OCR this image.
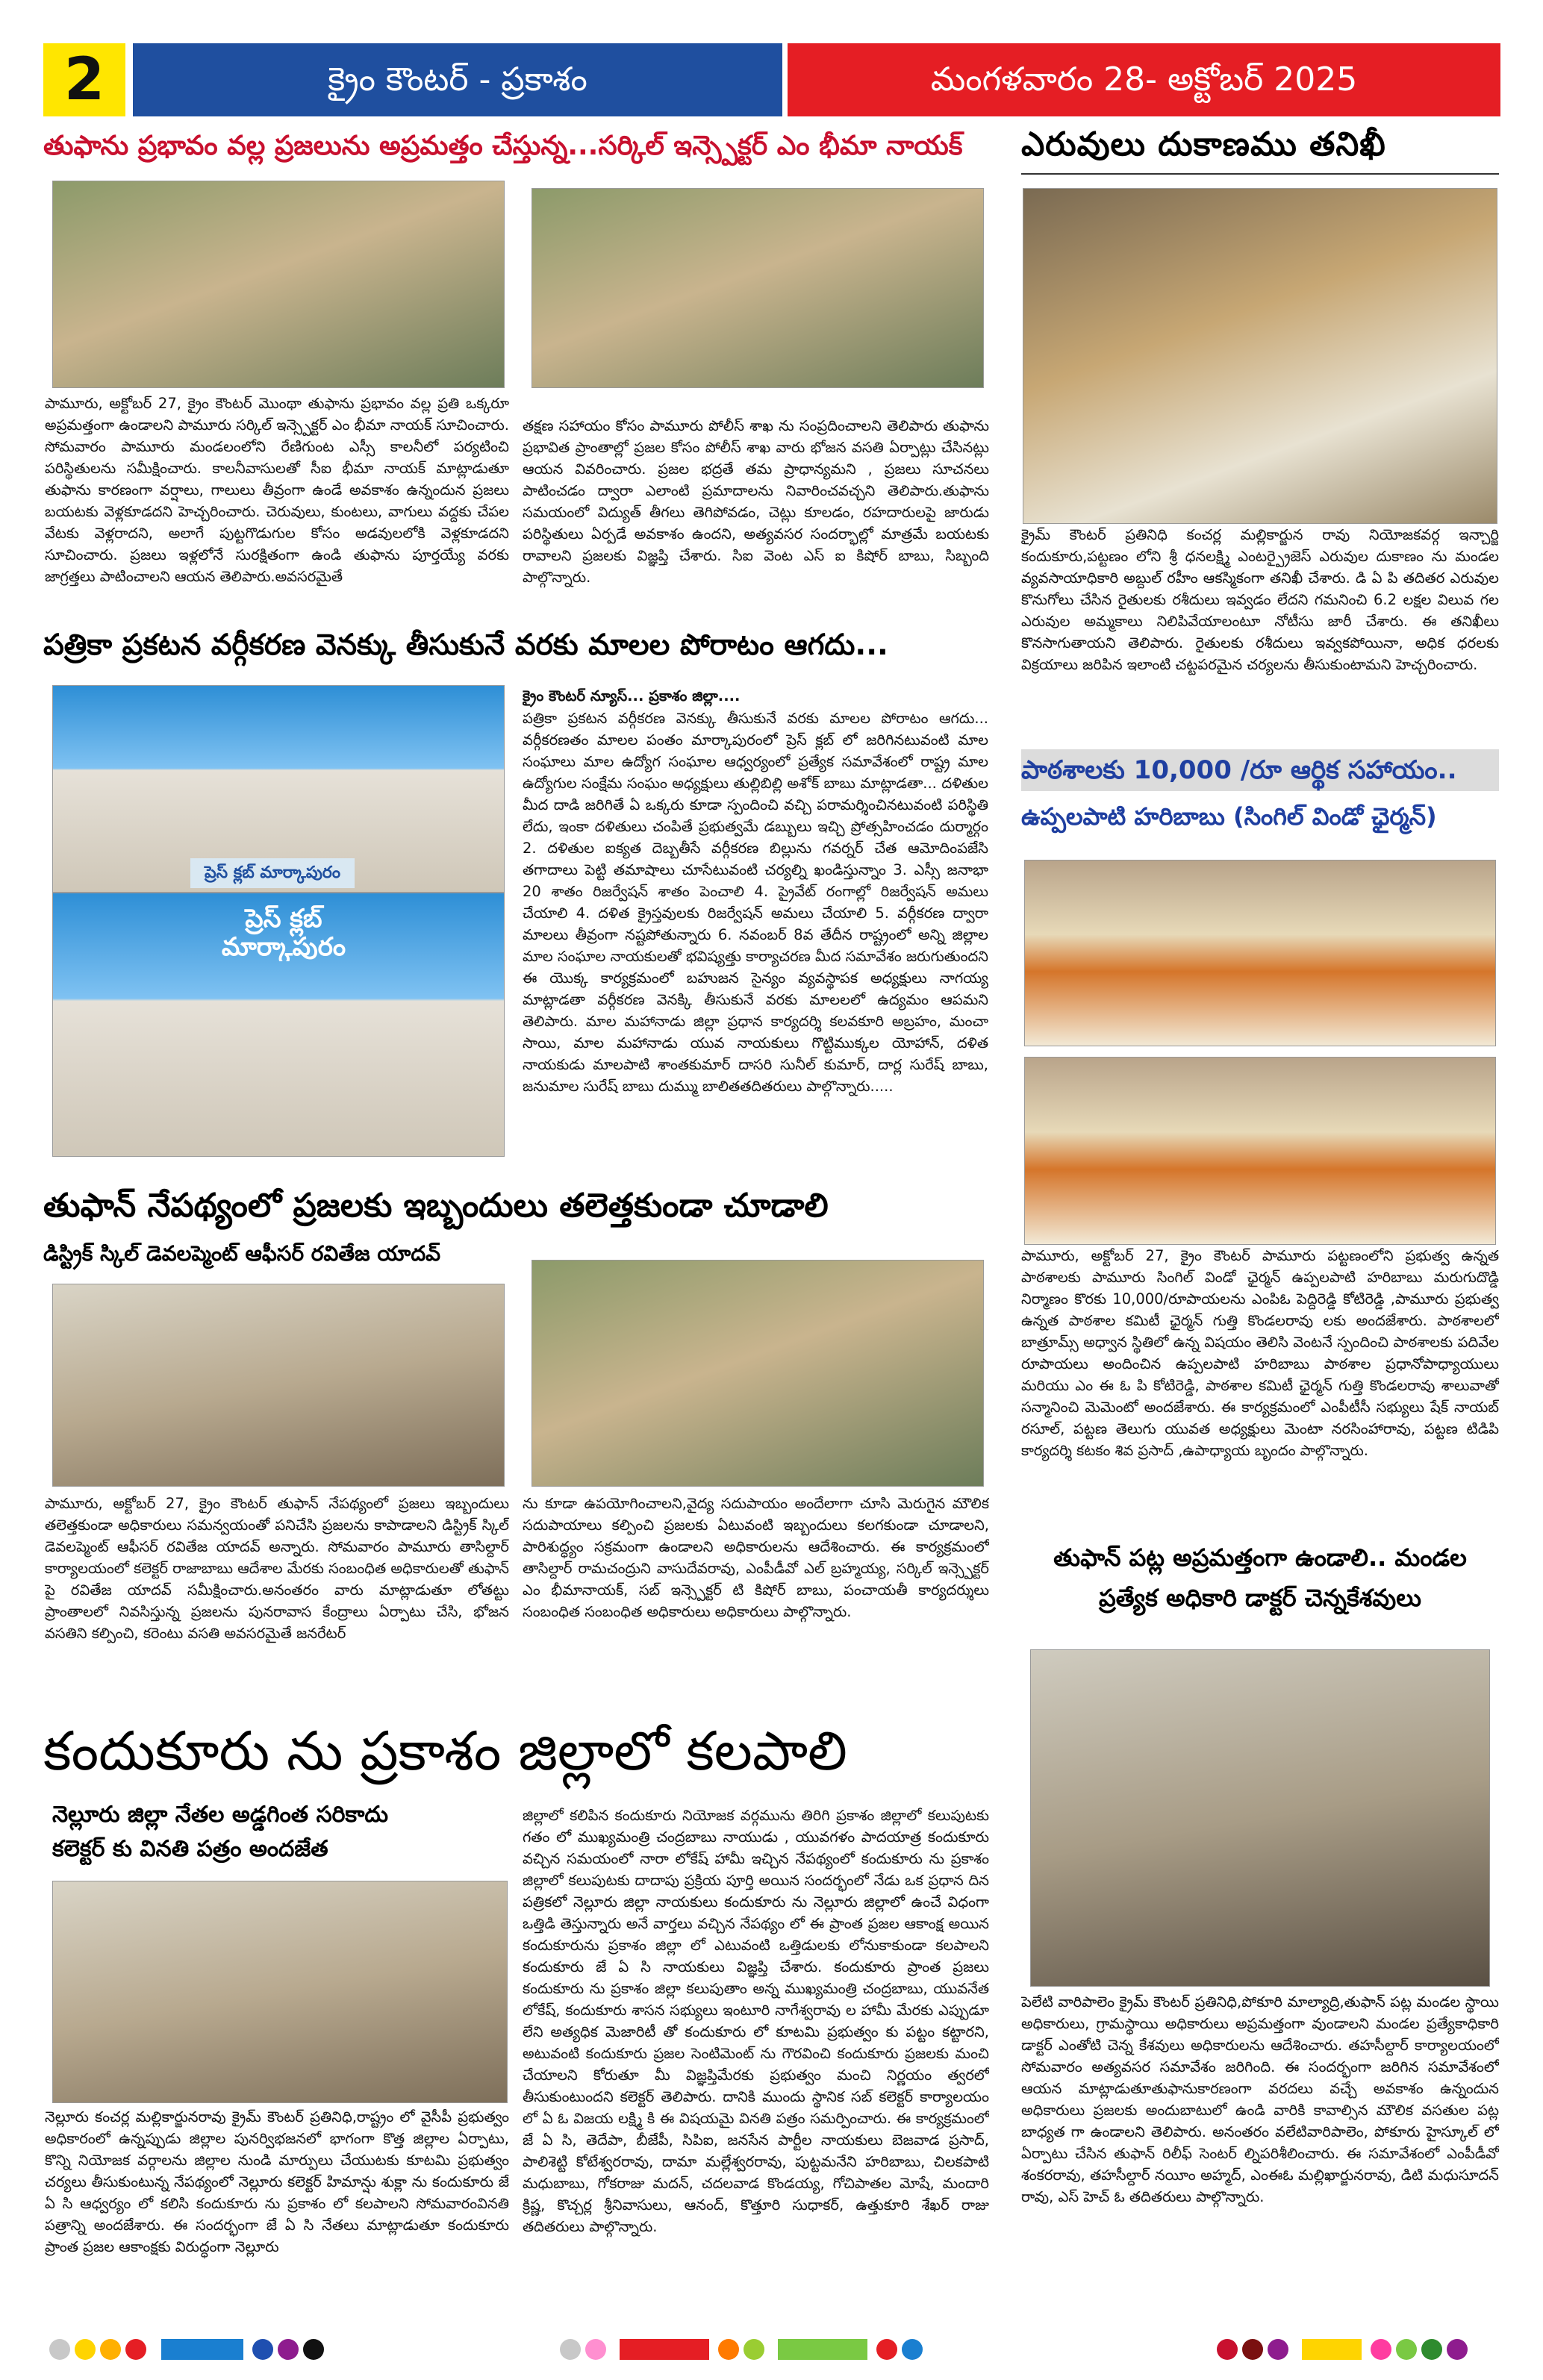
2	క్రైం కౌంటర్ - ప్రకాశం	మంగళవారం 28- అక్టోబర్ 2025
తుఫాను ప్రభావం వల్ల ప్రజలును అప్రమత్తం చేస్తున్న...సర్కిల్ ఇన్స్పెక్టర్ ఎం భీమా నాయక్
పామూరు, అక్టోబర్ 27, క్రైం కౌంటర్ మొంథా తుఫాను ప్రభావం వల్ల ప్రతి ఒక్కరూ అప్రమత్తంగా ఉండాలని పామూరు సర్కిల్ ఇన్స్పెక్టర్ ఎం భీమా నాయక్ సూచించారు. సోమవారం పామూరు మండలంలోని రేణిగుంట ఎస్సీ కాలనీలో పర్యటించి పరిస్థితులను సమీక్షించారు. కాలనీవాసులతో సీఐ భీమా నాయక్ మాట్లాడుతూ తుఫాను కారణంగా వర్షాలు, గాలులు తీవ్రంగా ఉండే అవకాశం ఉన్నందున ప్రజలు బయటకు వెళ్లకూడదని హెచ్చరించారు. చెరువులు, కుంటలు, వాగులు వద్దకు చేపల వేటకు వెళ్లరాదని, అలాగే పుట్టగొడుగుల కోసం అడవులలోకి వెళ్లకూడదని సూచించారు. ప్రజలు ఇళ్లలోనే సురక్షితంగా ఉండి తుఫాను పూర్తయ్యే వరకు జాగ్రత్తలు పాటించాలని ఆయన తెలిపారు.అవసరమైతే
తక్షణ సహాయం కోసం పామూరు పోలీస్ శాఖ ను సంప్రదించాలని తెలిపారు తుఫాను ప్రభావిత ప్రాంతాల్లో ప్రజల కోసం పోలీస్ శాఖ వారు భోజన వసతి ఏర్పాట్లు చేసినట్లు ఆయన వివరించారు. ప్రజల భద్రతే తమ ప్రాధాన్యమని , ప్రజలు సూచనలు పాటించడం ద్వారా ఎలాంటి ప్రమాదాలను నివారించవచ్చని తెలిపారు.తుఫాను సమయంలో విద్యుత్ తీగలు తెగిపోవడం, చెట్లు కూలడం, రహదారులపై జారుడు పరిస్థితులు ఏర్పడే అవకాశం ఉందని, అత్యవసర సందర్భాల్లో మాత్రమే బయటకు రావాలని ప్రజలకు విజ్ఞప్తి చేశారు. సిఐ వెంట ఎస్ ఐ కిషోర్ బాబు, సిబ్బంది పాల్గొన్నారు.
ఎరువులు దుకాణము తనిఖీ
క్రైమ్ కౌంటర్ ప్రతినిధి కంచర్ల మల్లికార్జున రావు నియోజకవర్గ ఇన్చార్జి కందుకూరు,పట్టణం లోని శ్రీ ధనలక్ష్మి ఎంటర్ప్రైజెస్ ఎరువుల దుకాణం ను మండల వ్యవసాయాధికారి అబ్దుల్ రహీం ఆకస్మికంగా తనిఖీ చేశారు. డి ఏ పి తదితర ఎరువుల కొనుగోలు చేసిన రైతులకు రశీదులు ఇవ్వడం లేదని గమనించి 6.2 లక్షల విలువ గల ఎరువుల అమ్మకాలు నిలిపివేయాలంటూ నోటీసు జారీ చేశారు. ఈ తనిఖీలు కొనసాగుతాయని తెలిపారు. రైతులకు రశీదులు ఇవ్వకపోయినా, అధిక ధరలకు విక్రయాలు జరిపిన ఇలాంటి చట్టపరమైన చర్యలను తీసుకుంటామని హెచ్చరించారు.
పత్రికా ప్రకటన వర్గీకరణ వెనక్కు తీసుకునే వరకు మాలల పోరాటం ఆగదు...
ప్రెస్ క్లబ్ మార్కాపురం
ప్రెస్ క్లబ్ మార్కాపురం
క్రైం కౌంటర్ న్యూస్... ప్రకాశం జిల్లా....
పత్రికా ప్రకటన వర్గీకరణ వెనక్కు తీసుకునే వరకు మాలల పోరాటం ఆగదు... వర్గీకరణతం మాలల పంతం మార్కాపురంలో ప్రెస్ క్లబ్ లో జరిగినటువంటి మాల సంఘాలు మాల ఉద్యోగ సంఘాల ఆధ్వర్యంలో ప్రత్యేక సమావేశంలో రాష్ట్ర మాల ఉద్యోగుల సంక్షేమ సంఘం అధ్యక్షులు తుల్లిబిల్లి అశోక్ బాబు మాట్లాడతా... దళితుల మీద దాడి జరిగితే ఏ ఒక్కరు కూడా స్పందించి వచ్చి పరామర్శించినటువంటి పరిస్థితి లేదు, ఇంకా దళితులు చంపితే ప్రభుత్వమే డబ్బులు ఇచ్చి ప్రోత్సహించడం దుర్మార్గం 2. దళితుల ఐక్యత దెబ్బతీసే వర్గీకరణ బిల్లును గవర్నర్ చేత ఆమోదింపజేసి తగాదాలు పెట్టి తమాషాలు చూసేటువంటి చర్యల్ని ఖండిస్తున్నాం 3. ఎస్సీ జనాభా 20 శాతం రిజర్వేషన్ శాతం పెంచాలి 4. ప్రైవేట్ రంగాల్లో రిజర్వేషన్ అమలు చేయాలి 4. దళిత క్రైస్తవులకు రిజర్వేషన్ అమలు చేయాలి 5. వర్గీకరణ ద్వారా మాలలు తీవ్రంగా నష్టపోతున్నారు 6. నవంబర్ 8వ తేదీన రాష్ట్రంలో అన్ని జిల్లాల మాల సంఘాల నాయకులతో భవిష్యత్తు కార్యాచరణ మీద సమావేశం జరుగుతుందని ఈ యొక్క కార్యక్రమంలో బహుజన సైన్యం వ్యవస్థాపక అధ్యక్షులు నాగయ్య మాట్లాడతా వర్గీకరణ వెనక్కి తీసుకునే వరకు మాలలలో ఉద్యమం ఆపమని తెలిపారు. మాల మహానాడు జిల్లా ప్రధాన కార్యదర్శి కలవకూరి అబ్రహం, మంచా సాయి, మాల మహానాడు యువ నాయకులు గొట్టిముక్కల యోహాన్, దళిత నాయకుడు మాలపాటి శాంతకుమార్ దాసరి సునీల్ కుమార్, దార్ల సురేష్ బాబు, జనుమాల సురేష్ బాబు దుమ్ము బాలితతదితరులు పాల్గొన్నారు.....
పాఠశాలకు 10,000 /రూ ఆర్థిక సహాయం..
ఉప్పలపాటి హరిబాబు (సింగిల్ విండో ఛైర్మన్)
పామూరు, అక్టోబర్ 27, క్రైం కౌంటర్ పామూరు పట్టణంలోని ప్రభుత్వ ఉన్నత పాఠశాలకు పామూరు సింగిల్ విండో ఛైర్మన్ ఉప్పలపాటి హరిబాబు మరుగుదొడ్డి నిర్మాణం కొరకు 10,000/రూపాయలను ఎంపిఓ పెద్దిరెడ్డి కోటిరెడ్డి ,పామూరు ప్రభుత్వ ఉన్నత పాఠశాల కమిటీ ఛైర్మన్ గుత్తి కొండలరావు లకు అందజేశారు. పాఠశాలలో బాత్రూమ్స్ అధ్వాన స్థితిలో ఉన్న విషయం తెలిసి వెంటనే స్పందించి పాఠశాలకు పదివేల రూపాయలు అందించిన ఉప్పలపాటి హరిబాబు పాఠశాల ప్రధానోపాధ్యాయులు మరియు ఎం ఈ ఓ పి కోటిరెడ్డి, పాఠశాల కమిటీ ఛైర్మన్ గుత్తి కొండలరావు శాలువాతో సన్మానించి మెమెంటో అందజేశారు. ఈ కార్యక్రమంలో ఎంపీటీసీ సభ్యులు షేక్ నాయబ్ రసూల్, పట్టణ తెలుగు యువత అధ్యక్షులు మెంటా నరసింహారావు, పట్టణ టిడిపి కార్యదర్శి కటకం శివ ప్రసాద్ ,ఉపాధ్యాయ బృందం పాల్గొన్నారు.
తుఫాన్ నేపథ్యంలో ప్రజలకు ఇబ్బందులు తలెత్తకుండా చూడాలి
డిస్ట్రిక్ స్కిల్ డెవలప్మెంట్ ఆఫీసర్ రవితేజ యాదవ్
పామూరు, అక్టోబర్ 27, క్రైం కౌంటర్ తుఫాన్ నేపథ్యంలో ప్రజలు ఇబ్బందులు తలెత్తకుండా అధికారులు సమన్వయంతో పనిచేసి ప్రజలను కాపాడాలని డిస్ట్రిక్ స్కిల్ డెవలప్మెంట్ ఆఫీసర్ రవితేజ యాదవ్ అన్నారు. సోమవారం పామూరు తాసిల్దార్ కార్యాలయంలో కలెక్టర్ రాజాబాబు ఆదేశాల మేరకు సంబంధిత అధికారులతో తుఫాన్ పై రవితేజ యాదవ్ సమీక్షించారు.అనంతరం వారు మాట్లాడుతూ లోతట్టు ప్రాంతాలలో నివసిస్తున్న ప్రజలను పునరావాస కేంద్రాలు ఏర్పాటు చేసి, భోజన వసతిని కల్పించి, కరెంటు వసతి అవసరమైతే జనరేటర్
ను కూడా ఉపయోగించాలని,వైద్య సదుపాయం అందేలాగా చూసి మెరుగైన మౌలిక సదుపాయాలు కల్పించి ప్రజలకు ఏటువంటి ఇబ్బందులు కలగకుండా చూడాలని, పారిశుద్ధ్యం సక్రమంగా ఉండాలని అధికారులను ఆదేశించారు. ఈ కార్యక్రమంలో తాసిల్దార్ రామచంద్రుని వాసుదేవరావు, ఎంపీడీవో ఎల్ బ్రహ్మయ్య, సర్కిల్ ఇన్స్పెక్టర్ ఎం భీమానాయక్, సబ్ ఇన్స్పెక్టర్ టి కిషోర్ బాబు, పంచాయతీ కార్యదర్శులు సంబంధిత సంబంధిత అధికారులు అధికారులు పాల్గొన్నారు.
తుఫాన్ పట్ల అప్రమత్తంగా ఉండాలి.. మండల ప్రత్యేక అధికారి డాక్టర్ చెన్నకేశవులు
పెలేటి వారిపాలెం క్రైమ్ కౌంటర్ ప్రతినిధి,పోకూరి మాల్యాద్రి,తుఫాన్ పట్ల మండల స్థాయి అధికారులు, గ్రామస్థాయి అధికారులు అప్రమత్తంగా వుండాలని మండల ప్రత్యేకాధికారి డాక్టర్ ఎంతోటి చెన్న కేశవులు అధికారులను ఆదేశించారు. తహసీల్దార్ కార్యాలయంలో సోమవారం అత్యవసర సమావేశం జరిగింది. ఈ సందర్భంగా జరిగిన సమావేశంలో ఆయన మాట్లాడుతూతుఫానుకారణంగా వరదలు వచ్చే అవకాశం ఉన్నందున అధికారులు ప్రజలకు అందుబాటులో ఉండి వారికి కావాల్సిన మౌలిక వసతుల పట్ల బాధ్యత గా ఉండాలని తెలిపారు. అనంతరం వలేటివారిపాలెం, పోకూరు హైస్కూల్ లో ఏర్పాటు చేసిన తుఫాన్ రిలీఫ్ సెంటర్ ల్నిపరిశీలించారు. ఈ సమావేశంలో ఎంపీడీవో శంకరరావు, తహసీల్దార్ నయీం అహ్మద్, ఎంఈఓ మల్లిఖార్జునరావు, డిటి మధుసూదన్ రావు, ఎస్ హెచ్ ఓ తదితరులు పాల్గొన్నారు.
కందుకూరు ను ప్రకాశం జిల్లాలో కలపాలి
నెల్లూరు జిల్లా నేతల అడ్డగింత సరికాదు
కలెక్టర్ కు వినతి పత్రం అందజేత
నెల్లూరు కంచర్ల మల్లికార్జునరావు క్రైమ్ కౌంటర్ ప్రతినిధి,రాష్ట్రం లో వైసీపీ ప్రభుత్వం అధికారంలో ఉన్నప్పుడు జిల్లాల పునర్విభజనలో భాగంగా కొత్త జిల్లాల ఏర్పాటు, కొన్ని నియోజక వర్గాలను జిల్లాల నుండి మార్పులు చేయుటకు కూటమి ప్రభుత్వం చర్యలు తీసుకుంటున్న నేపథ్యంలో నెల్లూరు కలెక్టర్ హిమాన్షు శుక్లా ను కందుకూరు జే ఏ సి ఆధ్వర్యం లో కలిసి కందుకూరు ను ప్రకాశం లో కలపాలని సోమవారంవినతి పత్రాన్ని అందజేశారు. ఈ సందర్భంగా జే ఏ సి నేతలు మాట్లాడుతూ కందుకూరు ప్రాంత ప్రజల ఆకాంక్షకు విరుద్ధంగా నెల్లూరు
జిల్లాలో కలిపిన కందుకూరు నియోజక వర్గమును తిరిగి ప్రకాశం జిల్లాలో కలుపుటకు గతం లో ముఖ్యమంత్రి చంద్రబాబు నాయుడు , యువగళం పాదయాత్ర కందుకూరు వచ్చిన సమయంలో నారా లోకేష్ హామీ ఇచ్చిన నేపథ్యంలో కందుకూరు ను ప్రకాశం జిల్లాలో కలుపుటకు దాదాపు ప్రక్రియ పూర్తి అయిన సందర్భంలో నేడు ఒక ప్రధాన దిన పత్రికలో నెల్లూరు జిల్లా నాయకులు కందుకూరు ను నెల్లూరు జిల్లాలో ఉంచే విధంగా ఒత్తిడి తెస్తున్నారు అనే వార్తలు వచ్చిన నేపథ్యం లో ఈ ప్రాంత ప్రజల ఆకాంక్ష అయిన కందుకూరును ప్రకాశం జిల్లా లో ఎటువంటి ఒత్తిడులకు లోనుకాకుండా కలపాలని కందుకూరు జే ఏ సి నాయకులు విజ్ఞప్తి చేశారు. కందుకూరు ప్రాంత ప్రజలు కందుకూరు ను ప్రకాశం జిల్లా కలుపుతాం అన్న ముఖ్యమంత్రి చంద్రబాబు, యువనేత లోకేష్, కందుకూరు శాసన సభ్యులు ఇంటూరి నాగేశ్వరావు ల హామీ మేరకు ఎప్పుడూ లేని అత్యధిక మెజారిటీ తో కందుకూరు లో కూటమి ప్రభుత్వం కు పట్టం కట్టారని, అటువంటి కందుకూరు ప్రజల సెంటిమెంట్ ను గౌరవించి కందుకూరు ప్రజలకు మంచి చేయాలని కోరుతూ మీ విజ్ఞప్తిమేరకు ప్రభుత్వం మంచి నిర్ణయం త్వరలో తీసుకుంటుందని కలెక్టర్ తెలిపారు. దానికి ముందు స్థానిక సబ్ కలెక్టర్ కార్యాలయం లో ఏ ఓ విజయ లక్ష్మి కి ఈ విషయమై వినతి పత్రం సమర్పించారు. ఈ కార్యక్రమంలో జే ఏ సి, తెదేపా, బీజేపీ, సిపిఐ, జనసేన పార్టీల నాయకులు బెజవాడ ప్రసాద్, పాలిశెట్టి కోటేశ్వరరావు, దామా మల్లేశ్వరరావు, పుట్టమనేని హరిబాబు, చిలకపాటి మధుబాబు, గోకరాజు మదన్, చదలవాడ కొండయ్య, గోచిపాతల మోషే, మందారి క్రిష్ణ, కొచ్చర్ల శ్రీనివాసులు, ఆనంద్, కొత్తూరి సుధాకర్, ఉత్తుకూరి శేఖర్ రాజు తదితరులు పాల్గొన్నారు.
